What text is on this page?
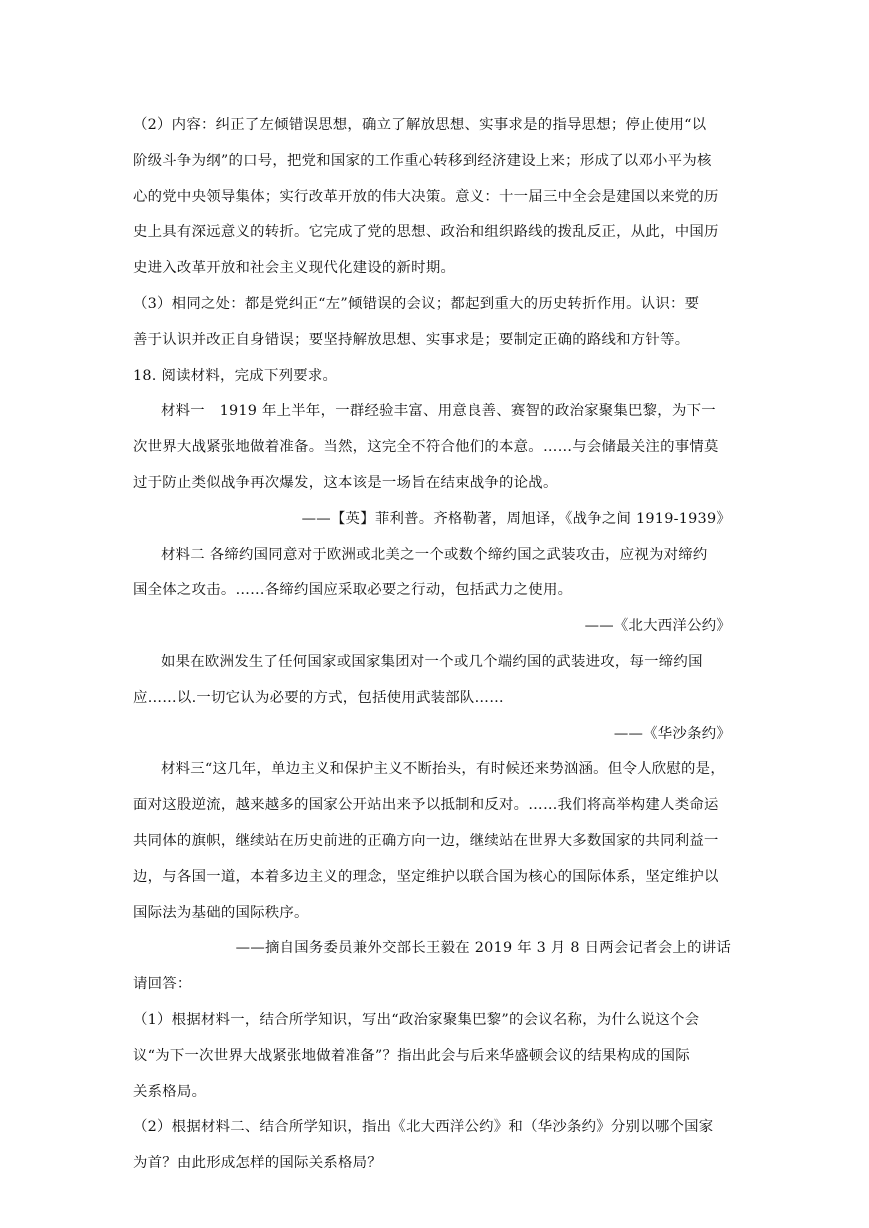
（2）内容：纠正了左倾错误思想，确立了解放思想、实事求是的指导思想；停止使用“以
阶级斗争为纲”的口号，把党和国家的工作重心转移到经济建设上来；形成了以邓小平为核
心的党中央领导集体；实行改革开放的伟大决策。意义：十一届三中全会是建国以来党的历
史上具有深远意义的转折。它完成了党的思想、政治和组织路线的拨乱反正，从此，中国历
史进入改革开放和社会主义现代化建设的新时期。
（3）相同之处：都是党纠正“左”倾错误的会议；都起到重大的历史转折作用。认识：要
善于认识并改正自身错误；要坚持解放思想、实事求是；要制定正确的路线和方针等。
18. 阅读材料，完成下列要求。
材料一　1919 年上半年，一群经验丰富、用意良善、赛智的政治家聚集巴黎，为下一
次世界大战紧张地做着准备。当然，这完全不符合他们的本意。……与会储最关注的事情莫
过于防止类似战争再次爆发，这本该是一场旨在结束战争的论战。
——【英】菲利普。齐格勒著，周旭译，《战争之间 1919-1939》
材料二 各缔约国同意对于欧洲或北美之一个或数个缔约国之武装攻击，应视为对缔约
国全体之攻击。……各缔约国应采取必要之行动，包括武力之使用。
——《北大西洋公约》
如果在欧洲发生了任何国家或国家集团对一个或几个端约国的武装进攻，每一缔约国
应……以.一切它认为必要的方式，包括使用武装部队……
——《华沙条约》
材料三“这几年，单边主义和保护主义不断抬头，有时候还来势汹涵。但令人欣慰的是，
面对这股逆流，越来越多的国家公开站出来予以抵制和反对。……我们将高举构建人类命运
共同体的旗帜，继续站在历史前进的正确方向一边，继续站在世界大多数国家的共同利益一
边，与各国一道，本着多边主义的理念，坚定维护以联合国为核心的国际体系，坚定维护以
国际法为基础的国际秩序。
——摘自国务委员兼外交部长王毅在 2019 年 3 月 8 日两会记者会上的讲话
请回答：
（1）根据材料一，结合所学知识，写出“政治家聚集巴黎”的会议名称，为什么说这个会
议“为下一次世界大战紧张地做着准备”？指出此会与后来华盛顿会议的结果构成的国际
关系格局。
（2）根据材料二、结合所学知识，指出《北大西洋公约》和（华沙条约》分别以哪个国家
为首？由此形成怎样的国际关系格局？
